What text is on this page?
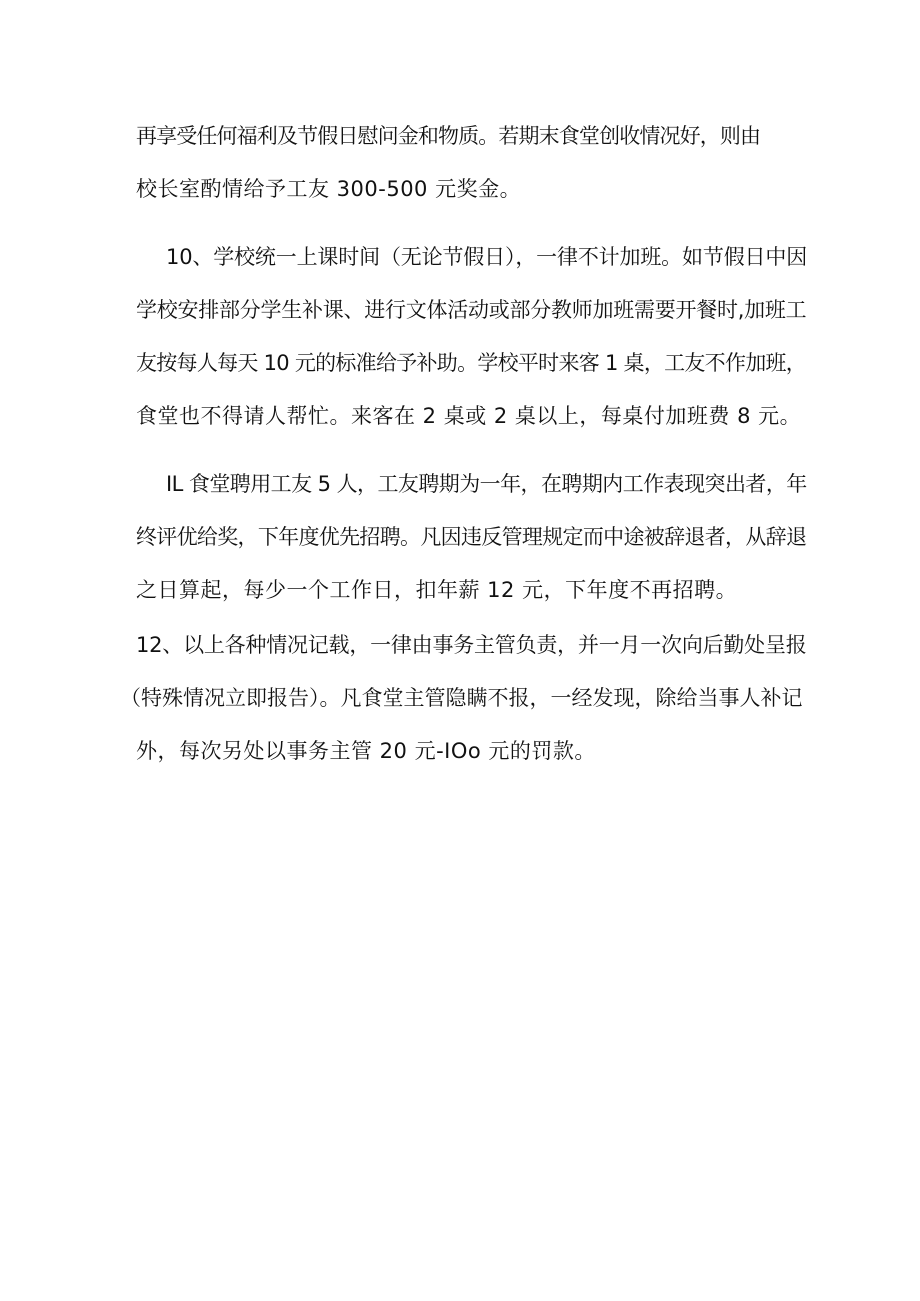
再享受任何福利及节假日慰问金和物质。若期末食堂创收情况好，则由
校长室酌情给予工友 300-500 元奖金。
10、学校统一上课时间（无论节假日），一律不计加班。如节假日中因
学校安排部分学生补课、进行文体活动或部分教师加班需要开餐时,加班工
友按每人每天 10 元的标准给予补助。学校平时来客 1 桌，工友不作加班，
食堂也不得请人帮忙。来客在 2 桌或 2 桌以上，每桌付加班费 8 元。
IL 食堂聘用工友 5 人，工友聘期为一年，在聘期内工作表现突出者，年
终评优给奖，下年度优先招聘。凡因违反管理规定而中途被辞退者，从辞退
之日算起，每少一个工作日，扣年薪 12 元，下年度不再招聘。
12、以上各种情况记载，一律由事务主管负责，并一月一次向后勤处呈报
（特殊情况立即报告）。凡食堂主管隐瞒不报，一经发现，除给当事人补记
外，每次另处以事务主管 20 元-IOo 元的罚款。
